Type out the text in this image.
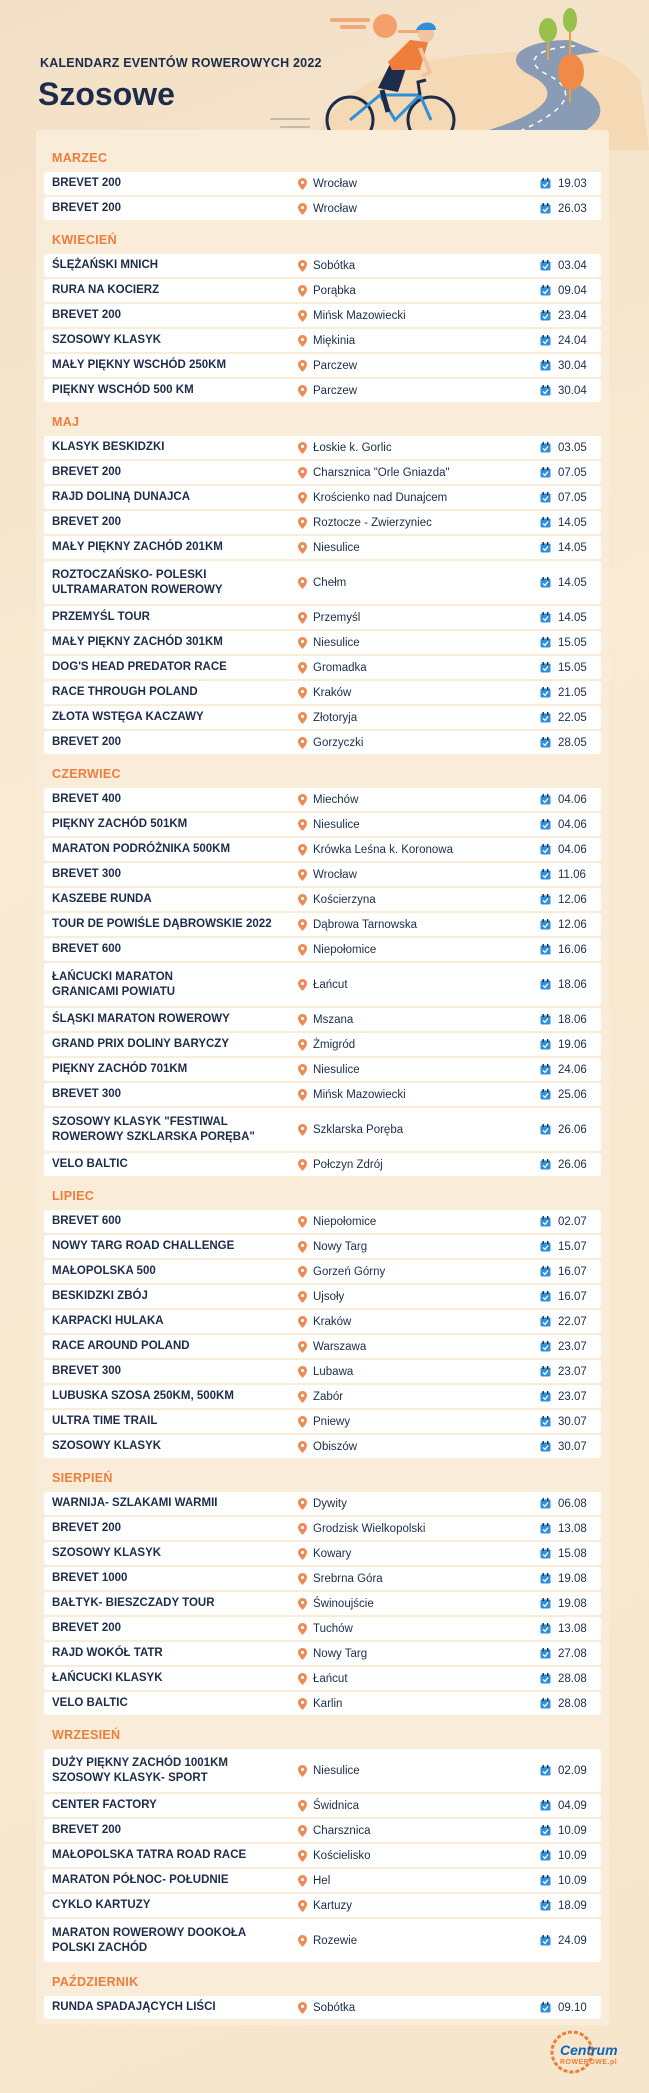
KALENDARZ EVENTÓW ROWEROWYCH 2022
Szosowe
MARZEC
BREVET 200	Wrocław	19.03
BREVET 200	Wrocław	26.03
KWIECIEŃ
ŚLĘŻAŃSKI MNICH	Sobótka	03.04
RURA NA KOCIERZ	Porąbka	09.04
BREVET 200	Mińsk Mazowiecki	23.04
SZOSOWY KLASYK	Miękinia	24.04
MAŁY PIĘKNY WSCHÓD 250KM	Parczew	30.04
PIĘKNY WSCHÓD 500 KM	Parczew	30.04
MAJ
KLASYK BESKIDZKI	Łoskie k. Gorlic	03.05
BREVET 200	Charsznica "Orle Gniazda"	07.05
RAJD DOLINĄ DUNAJCA	Krościenko nad Dunajcem	07.05
BREVET 200	Roztocze - Zwierzyniec	14.05
MAŁY PIĘKNY ZACHÓD 201KM	Niesulice	14.05
ROZTOCZAŃSKO- POLESKI
ULTRAMARATON ROWEROWY
Chełm	14.05
PRZEMYŚL TOUR	Przemyśl	14.05
MAŁY PIĘKNY ZACHÓD 301KM	Niesulice	15.05
DOG'S HEAD PREDATOR RACE	Gromadka	15.05
RACE THROUGH POLAND	Kraków	21.05
ZŁOTA WSTĘGA KACZAWY	Złotoryja	22.05
BREVET 200	Gorzyczki	28.05
CZERWIEC
BREVET 400	Miechów	04.06
PIĘKNY ZACHÓD 501KM	Niesulice	04.06
MARATON PODRÓŻNIKA 500KM	Krówka Leśna k. Koronowa	04.06
BREVET 300	Wrocław	11.06
KASZEBE RUNDA	Kościerzyna	12.06
TOUR DE POWIŚLE DĄBROWSKIE 2022	Dąbrowa Tarnowska	12.06
BREVET 600	Niepołomice	16.06
ŁAŃCUCKI MARATON
GRANICAMI POWIATU
Łańcut	18.06
ŚLĄSKI MARATON ROWEROWY	Mszana	18.06
GRAND PRIX DOLINY BARYCZY	Żmigród	19.06
PIĘKNY ZACHÓD 701KM	Niesulice	24.06
BREVET 300	Mińsk Mazowiecki	25.06
SZOSOWY KLASYK "FESTIWAL
ROWEROWY SZKLARSKA PORĘBA"
Szklarska Poręba	26.06
VELO BALTIC	Połczyn Zdrój	26.06
LIPIEC
BREVET 600	Niepołomice	02.07
NOWY TARG ROAD CHALLENGE	Nowy Targ	15.07
MAŁOPOLSKA 500	Gorzeń Górny	16.07
BESKIDZKI ZBÓJ	Ujsoły	16.07
KARPACKI HULAKA	Kraków	22.07
RACE AROUND POLAND	Warszawa	23.07
BREVET 300	Lubawa	23.07
LUBUSKA SZOSA 250KM, 500KM	Zabór	23.07
ULTRA TIME TRAIL	Pniewy	30.07
SZOSOWY KLASYK	Obiszów	30.07
SIERPIEŃ
WARNIJA- SZLAKAMI WARMII	Dywity	06.08
BREVET 200	Grodzisk Wielkopolski	13.08
SZOSOWY KLASYK	Kowary	15.08
BREVET 1000	Srebrna Góra	19.08
BAŁTYK- BIESZCZADY TOUR	Świnoujście	19.08
BREVET 200	Tuchów	13.08
RAJD WOKÓŁ TATR	Nowy Targ	27.08
ŁAŃCUCKI KLASYK	Łańcut	28.08
VELO BALTIC	Karlin	28.08
WRZESIEŃ
DUŻY PIĘKNY ZACHÓD 1001KM
SZOSOWY KLASYK- SPORT
Niesulice	02.09
CENTER FACTORY	Świdnica	04.09
BREVET 200	Charsznica	10.09
MAŁOPOLSKA TATRA ROAD RACE	Kościelisko	10.09
MARATON PÓŁNOC- POŁUDNIE	Hel	10.09
CYKLO KARTUZY	Kartuzy	18.09
MARATON ROWEROWY DOOKOŁA
POLSKI ZACHÓD
Rozewie	24.09
PAŹDZIERNIK
RUNDA SPADAJĄCYCH LIŚCI	Sobótka	09.10
Centrum
ROWEROWE.pl
